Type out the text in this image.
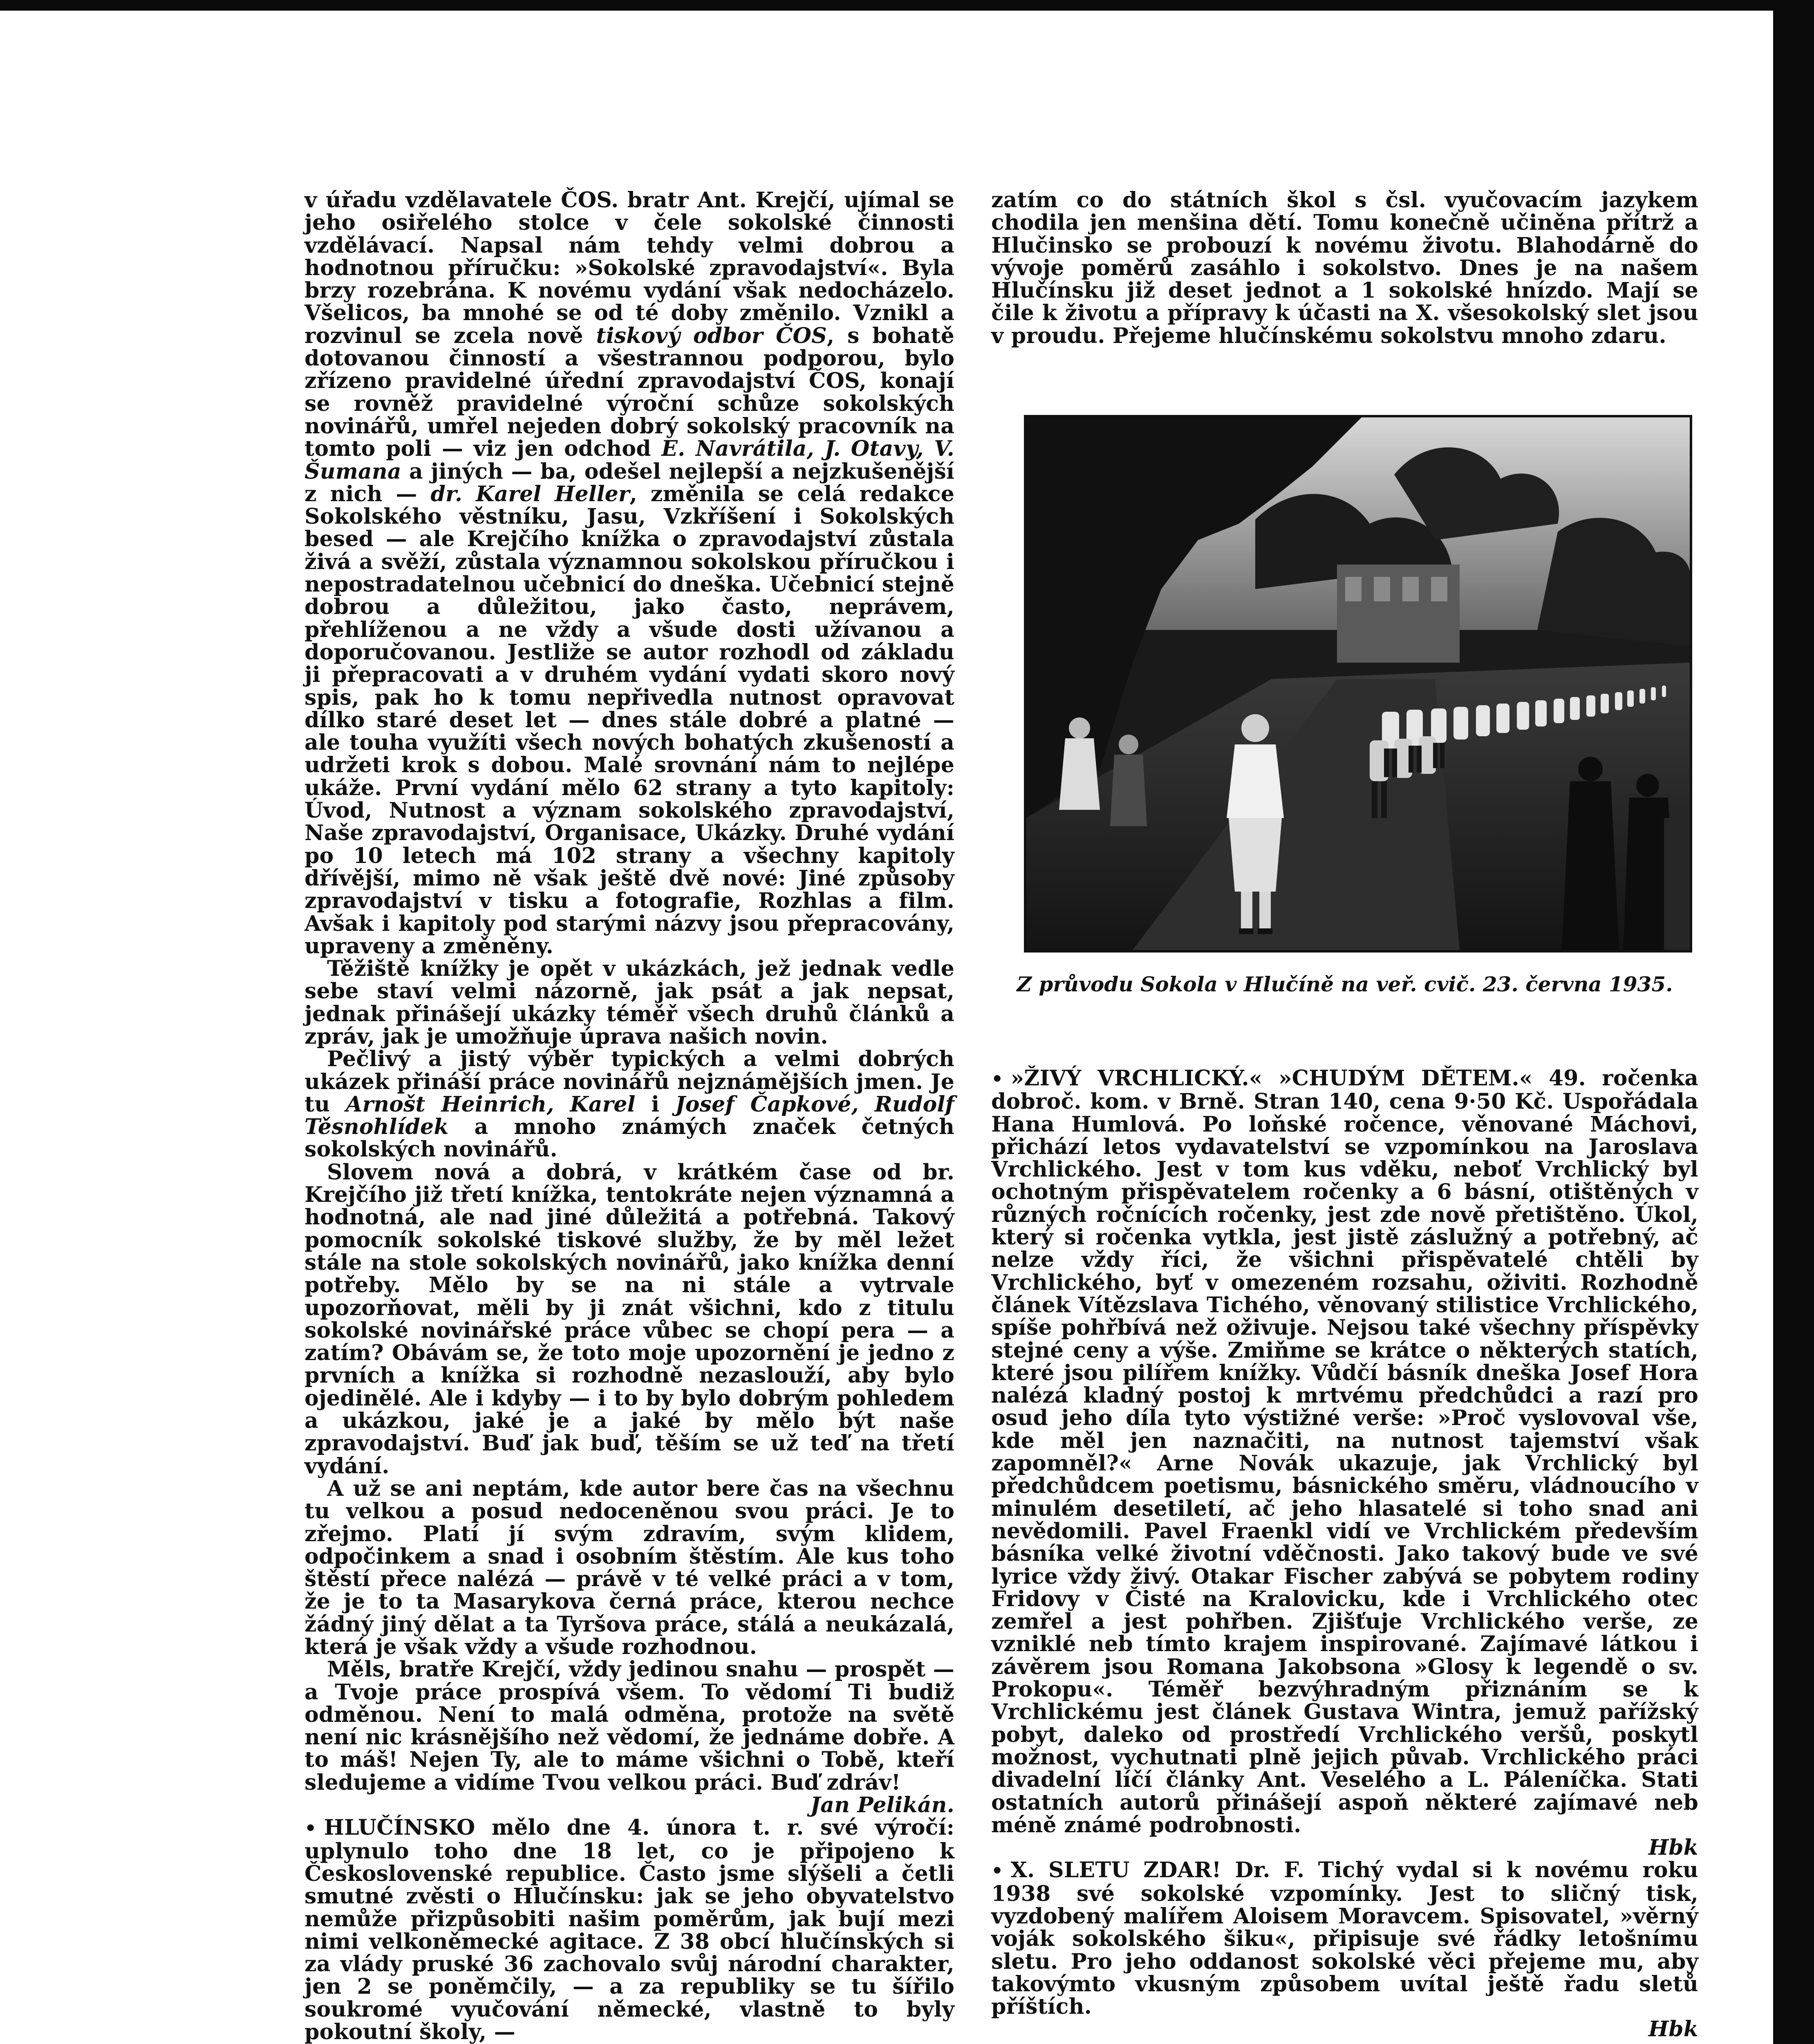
v úřadu vzdělavatele ČOS. bratr Ant. Krejčí, ujímal se jeho osiřelého stolce v čele sokolské činnosti vzdělávací. Napsal nám tehdy velmi dobrou a hodnotnou příručku: »Sokolské zpravodajství«. Byla brzy rozebrána. K novému vydání však nedocházelo. Všelicos, ba mnohé se od té doby změnilo. Vznikl a rozvinul se zcela nově tiskový odbor ČOS, s bohatě dotovanou činností a všestrannou podporou, bylo zřízeno pravidelné úřední zpravodajství ČOS, konají se rovněž pravidelné výroční schůze sokolských novinářů, umřel nejeden dobrý sokolský pracovník na tomto poli — viz jen odchod E. Navrátila, J. Otavy, V. Šumana a jiných — ba, odešel nejlepší a nejzkušenější z nich — dr. Karel Heller, změnila se celá redakce Sokolského věstníku, Jasu, Vzkříšení i Sokolských besed — ale Krejčího knížka o zpravodajství zůstala živá a svěží, zůstala významnou sokolskou příručkou i nepostradatelnou učebnicí do dneška. Učebnicí stejně dobrou a důležitou, jako často, neprávem, přehlíženou a ne vždy a všude dosti užívanou a doporučovanou. Jestliže se autor rozhodl od základu ji přepracovati a v druhém vydání vydati skoro nový spis, pak ho k tomu nepřivedla nutnost opravovat dílko staré deset let — dnes stále dobré a platné — ale touha využíti všech nových bohatých zkušeností a udržeti krok s dobou. Malé srovnání nám to nejlépe ukáže. První vydání mělo 62 strany a tyto kapitoly: Úvod, Nutnost a význam sokolského zpravodajství, Naše zpravodajství, Organisace, Ukázky. Druhé vydání po 10 letech má 102 strany a všechny kapitoly dřívější, mimo ně však ještě dvě nové: Jiné způsoby zpravodajství v tisku a fotografie, Rozhlas a film. Avšak i kapitoly pod starými názvy jsou přepracovány, upraveny a změněny.

Těžiště knížky je opět v ukázkách, jež jednak vedle sebe staví velmi názorně, jak psát a jak nepsat, jednak přinášejí ukázky téměř všech druhů článků a zpráv, jak je umožňuje úprava našich novin.

Pečlivý a jistý výběr typických a velmi dobrých ukázek přináší práce novinářů nejznámějších jmen. Je tu Arnošt Heinrich, Karel i Josef Čapkové, Rudolf Těsnohlídek a mnoho známých značek četných sokolských novinářů.

Slovem nová a dobrá, v krátkém čase od br. Krejčího již třetí knížka, tentokráte nejen významná a hodnotná, ale nad jiné důležitá a potřebná. Takový pomocník sokolské tiskové služby, že by měl ležet stále na stole sokolských novinářů, jako knížka denní potřeby. Mělo by se na ni stále a vytrvale upozorňovat, měli by ji znát všichni, kdo z titulu sokolské novinářské práce vůbec se chopí pera — a zatím? Obávám se, že toto moje upozornění je jedno z prvních a knížka si rozhodně nezaslouží, aby bylo ojedinělé. Ale i kdyby — i to by bylo dobrým pohledem a ukázkou, jaké je a jaké by mělo být naše zpravodajství. Buď jak buď, těším se už teď na třetí vydání.

A už se ani neptám, kde autor bere čas na všechnu tu velkou a posud nedoceněnou svou práci. Je to zřejmo. Platí jí svým zdravím, svým klidem, odpočinkem a snad i osobním štěstím. Ale kus toho štěstí přece nalézá — právě v té velké práci a v tom, že je to ta Masarykova černá práce, kterou nechce žádný jiný dělat a ta Tyršova práce, stálá a neukázalá, která je však vždy a všude rozhodnou.

Měls, bratře Krejčí, vždy jedinou snahu — prospět — a Tvoje práce prospívá všem. To vědomí Ti budiž odměnou. Není to malá odměna, protože na světě není nic krásnějšího než vědomí, že jednáme dobře. A to máš! Nejen Ty, ale to máme všichni o Tobě, kteří sledujeme a vidíme Tvou velkou práci. Buď zdráv!

Jan Pelikán.

• HLUČÍNSKO mělo dne 4. února t. r. své výročí: uplynulo toho dne 18 let, co je připojeno k Československé republice. Často jsme slýšeli a četli smutné zvěsti o Hlučínsku: jak se jeho obyvatelstvo nemůže přizpůsobiti našim poměrům, jak bují mezi nimi velkoněmecké agitace. Z 38 obcí hlučínských si za vlády pruské 36 zachovalo svůj národní charakter, jen 2 se poněmčily, — a za republiky se tu šířilo soukromé vyučování německé, vlastně to byly pokoutní školy, —

zatím co do státních škol s čsl. vyučovacím jazykem chodila jen menšina dětí. Tomu konečně učiněna přítrž a Hlučinsko se probouzí k novému životu. Blahodárně do vývoje poměrů zasáhlo i sokolstvo. Dnes je na našem Hlučínsku již deset jednot a 1 sokolské hnízdo. Mají se čile k životu a přípravy k účasti na X. všesokolský slet jsou v proudu. Přejeme hlučínskému sokolstvu mnoho zdaru.

Z průvodu Sokola v Hlučíně na veř. cvič. 23. června 1935.

• »ŽIVÝ VRCHLICKÝ.« »CHUDÝM DĚTEM.« 49. ročenka dobroč. kom. v Brně. Stran 140, cena 9·50 Kč. Uspořádala Hana Humlová. Po loňské ročence, věnované Máchovi, přichází letos vydavatelství se vzpomínkou na Jaroslava Vrchlického. Jest v tom kus vděku, neboť Vrchlický byl ochotným přispěvatelem ročenky a 6 básní, otištěných v různých ročnících ročenky, jest zde nově přetištěno. Úkol, který si ročenka vytkla, jest jistě záslužný a potřebný, ač nelze vždy říci, že všichni přispěvatelé chtěli by Vrchlického, byť v omezeném rozsahu, oživiti. Rozhodně článek Vítězslava Tichého, věnovaný stilistice Vrchlického, spíše pohřbívá než oživuje. Nejsou také všechny příspěvky stejné ceny a výše. Zmiňme se krátce o některých statích, které jsou pilířem knížky. Vůdčí básník dneška Josef Hora nalézá kladný postoj k mrtvému předchůdci a razí pro osud jeho díla tyto výstižné verše: »Proč vyslovoval vše, kde měl jen naznačiti, na nutnost tajemství však zapomněl?« Arne Novák ukazuje, jak Vrchlický byl předchůdcem poetismu, básnického směru, vládnoucího v minulém desetiletí, ač jeho hlasatelé si toho snad ani nevědomili. Pavel Fraenkl vidí ve Vrchlickém především básníka velké životní vděčnosti. Jako takový bude ve své lyrice vždy živý. Otakar Fischer zabývá se pobytem rodiny Fridovy v Čisté na Kralovicku, kde i Vrchlického otec zemřel a jest pohřben. Zjišťuje Vrchlického verše, ze vzniklé neb tímto krajem inspirované. Zajímavé látkou i závěrem jsou Romana Jakobsona »Glosy k legendě o sv. Prokopu«. Téměř bezvýhradným přiznáním se k Vrchlickému jest článek Gustava Wintra, jemuž pařížský pobyt, daleko od prostředí Vrchlického veršů, poskytl možnost, vychutnati plně jejich půvab. Vrchlického práci divadelní líčí články Ant. Veselého a L. Páleníčka. Stati ostatních autorů přinášejí aspoň některé zajímavé neb méně známé podrobnosti.

Hbk

• X. SLETU ZDAR! Dr. F. Tichý vydal si k novému roku 1938 své sokolské vzpomínky. Jest to sličný tisk, vyzdobený malířem Aloisem Moravcem. Spisovatel, »věrný voják sokolského šiku«, připisuje své řádky letošnímu sletu. Pro jeho oddanost sokolské věci přejeme mu, aby takovýmto vkusným způsobem uvítal ještě řadu sletů příštích.

Hbk
